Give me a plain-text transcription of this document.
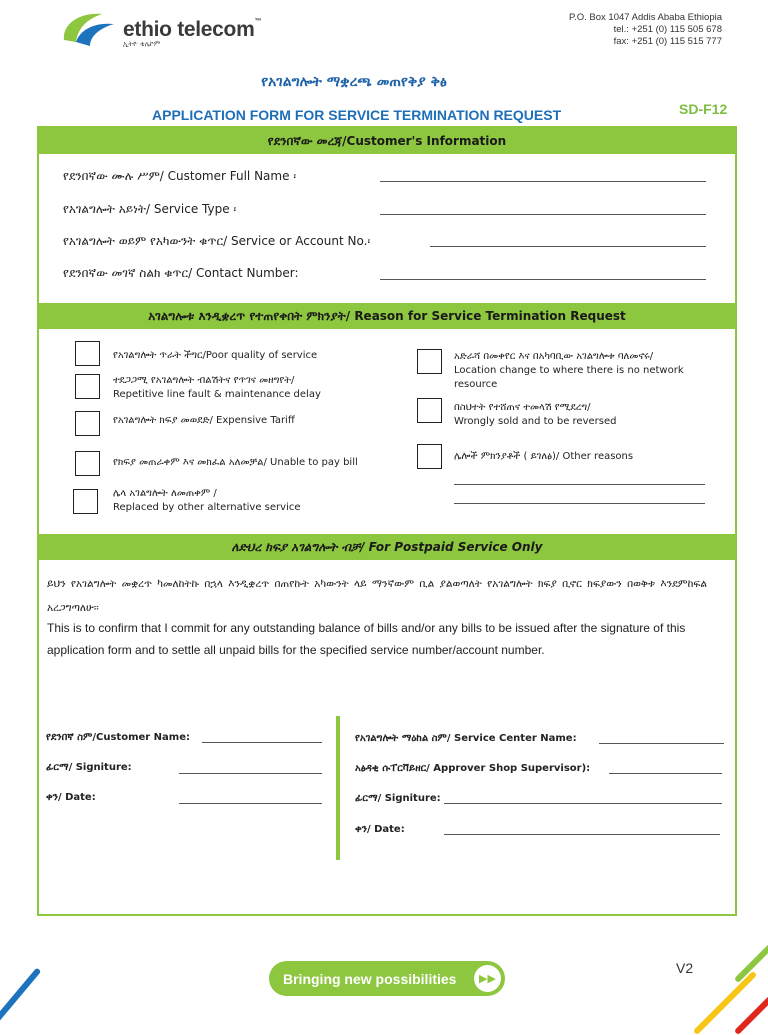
ethio telecom™
ኢትዮ ቴሌኮም
P.O. Box 1047 Addis Ababa Ethiopia
tel.: +251 (0) 115 505 678
fax: +251 (0) 115 515 777
የአገልግሎት ማቋረጫ መጠየቅያ ቅፅ
APPLICATION FORM FOR SERVICE TERMINATION REQUEST	SD-F12
የደንበኛው መረጃ/Customer's Information
የደንበኛው ሙሉ ሥም/ Customer Full Name ፡
የአገልግሎት አይነት/ Service Type ፡
የአገልግሎት ወይም የአካውንት ቁጥር/ Service or Account No.፡
የደንበኛው መገኛ ስልክ ቁጥር/ Contact Number:
አገልግሎቱ እንዲቋረጥ የተጠየቀበት ምክንያት/ Reason for Service Termination Request
የአገልግሎት ጥራት ችግር/Poor quality of service
ተደጋጋሚ የአገልግሎት ብልሽትና የጥገና መዘግየት/
Repetitive line fault & maintenance delay
የአገልግሎት ክፍያ መወደድ/ Expensive Tariff
የክፍያ መጠራቀም እና መክፈል አለመቻል/ Unable to pay bill
ሌላ አገልግሎት ለመጠቀም /
Replaced by other alternative service
አድራሻ በመቀየር እና በአካባቢው አገልግሎቱ ባለመኖሩ/
Location change to where there is no network
resource
በስህተት የተሸጠና ተመላሽ የሚደረግ/
Wrongly sold and to be reversed
ሌሎች ምክንያቶች ( ይገለፅ)/ Other reasons
ለድህረ ክፍያ አገልግሎት ብቻ/ For Postpaid Service Only
ይህን የአገልግሎት መቋረጥ ካመለከትኩ በኋላ እንዲቋረጥ በጠየኩት አካውንት ላይ ማንኛውም ቢል ያልወጣለት የአገልግሎት ክፍያ ቢኖር ክፍያውን በወቅቱ እንደምከፍል አረጋግጣለሁ፡፡
This is to confirm that I commit for any outstanding balance of bills and/or any bills to be issued after the signature of this application form and to settle all unpaid bills for the specified service number/account number.
የደንበኛ ስም/Customer Name:
ፊርማ/ Signiture:
ቀን/ Date:
የአገልግሎት ማዕከል ስም/ Service Center Name:
አፅዳቂ ሱፐርቫይዘር/ Approver Shop Supervisor):
ፊርማ/ Signiture:
ቀን/ Date:
Bringing new possibilities	▶▶
V2
